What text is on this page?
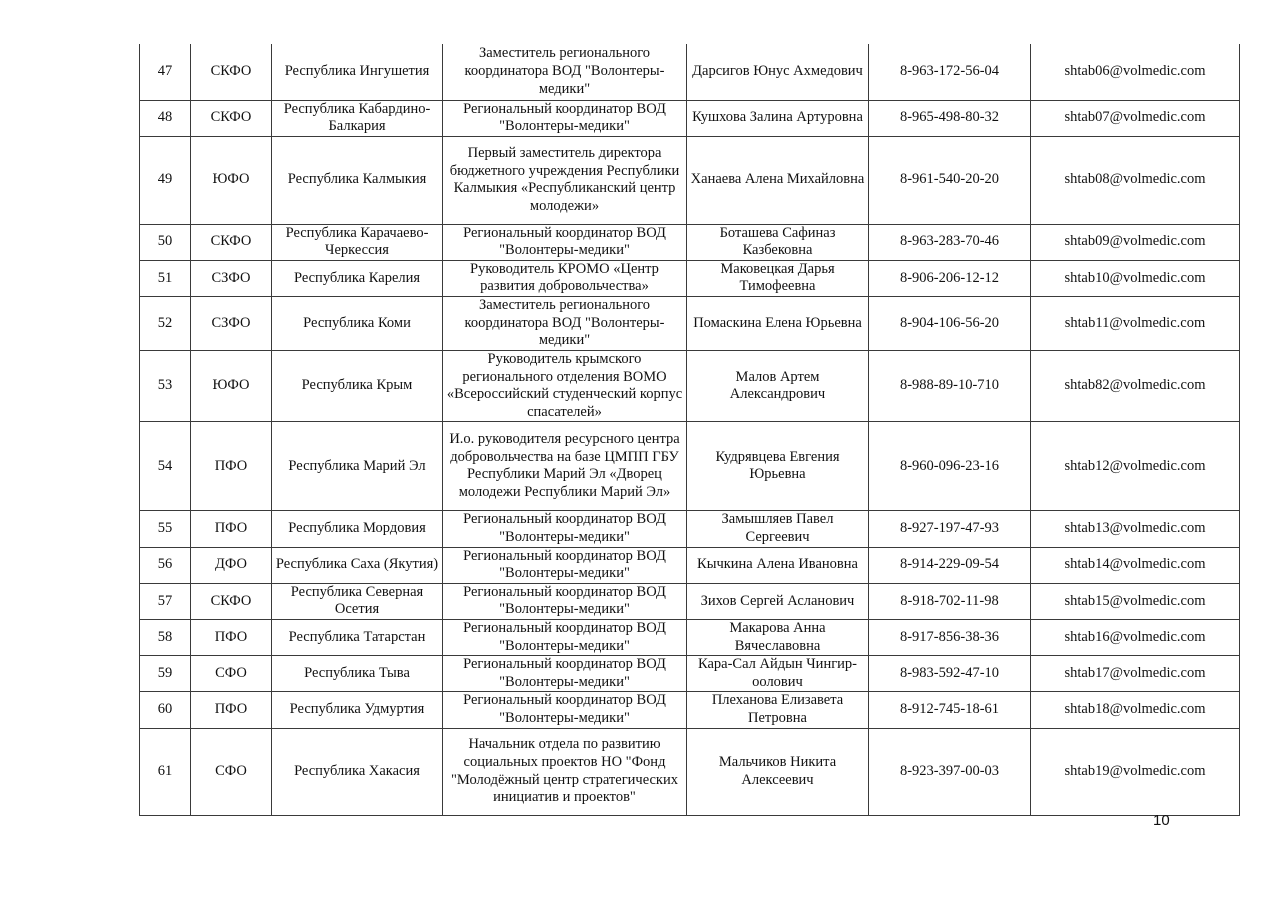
47	СКФО	Республика Ингушетия	Заместитель регионального координатора ВОД "Волонтеры-медики"	Дарсигов Юнус Ахмедович	8-963-172-56-04	shtab06@volmedic.com
48	СКФО	Республика Кабардино-Балкария	Региональный координатор ВОД "Волонтеры-медики"	Кушхова Залина Артуровна	8-965-498-80-32	shtab07@volmedic.com
49	ЮФО	Республика Калмыкия	Первый заместитель директора бюджетного учреждения Республики Калмыкия «Республиканский центр молодежи»	Ханаева Алена Михайловна	8-961-540-20-20	shtab08@volmedic.com
50	СКФО	Республика Карачаево-Черкессия	Региональный координатор ВОД "Волонтеры-медики"	Боташева Сафиназ Казбековна	8-963-283-70-46	shtab09@volmedic.com
51	СЗФО	Республика Карелия	Руководитель КРОМО «Центр развития добровольчества»	Маковецкая Дарья Тимофеевна	8-906-206-12-12	shtab10@volmedic.com
52	СЗФО	Республика Коми	Заместитель регионального координатора ВОД "Волонтеры-медики"	Помаскина Елена Юрьевна	8-904-106-56-20	shtab11@volmedic.com
53	ЮФО	Республика Крым	Руководитель крымского регионального отделения ВОМО «Всероссийский студенческий корпус спасателей»	Малов Артем Александрович	8-988-89-10-710	shtab82@volmedic.com
54	ПФО	Республика Марий Эл	И.о. руководителя ресурсного центра добровольчества на базе ЦМПП ГБУ Республики Марий Эл «Дворец молодежи Республики Марий Эл»	Кудрявцева Евгения Юрьевна	8-960-096-23-16	shtab12@volmedic.com
55	ПФО	Республика Мордовия	Региональный координатор ВОД "Волонтеры-медики"	Замышляев Павел Сергеевич	8-927-197-47-93	shtab13@volmedic.com
56	ДФО	Республика Саха (Якутия)	Региональный координатор ВОД "Волонтеры-медики"	Кычкина Алена Ивановна	8-914-229-09-54	shtab14@volmedic.com
57	СКФО	Республика Северная Осетия	Региональный координатор ВОД "Волонтеры-медики"	Зихов Сергей Асланович	8-918-702-11-98	shtab15@volmedic.com
58	ПФО	Республика Татарстан	Региональный координатор ВОД "Волонтеры-медики"	Макарова Анна Вячеславовна	8-917-856-38-36	shtab16@volmedic.com
59	СФО	Республика Тыва	Региональный координатор ВОД "Волонтеры-медики"	Кара-Сал Айдын Чингир-оолович	8-983-592-47-10	shtab17@volmedic.com
60	ПФО	Республика Удмуртия	Региональный координатор ВОД "Волонтеры-медики"	Плеханова Елизавета Петровна	8-912-745-18-61	shtab18@volmedic.com
61	СФО	Республика Хакасия	Начальник отдела по развитию социальных проектов НО "Фонд "Молодёжный центр стратегических инициатив и проектов"	Мальчиков Никита Алексеевич	8-923-397-00-03	shtab19@volmedic.com
10
